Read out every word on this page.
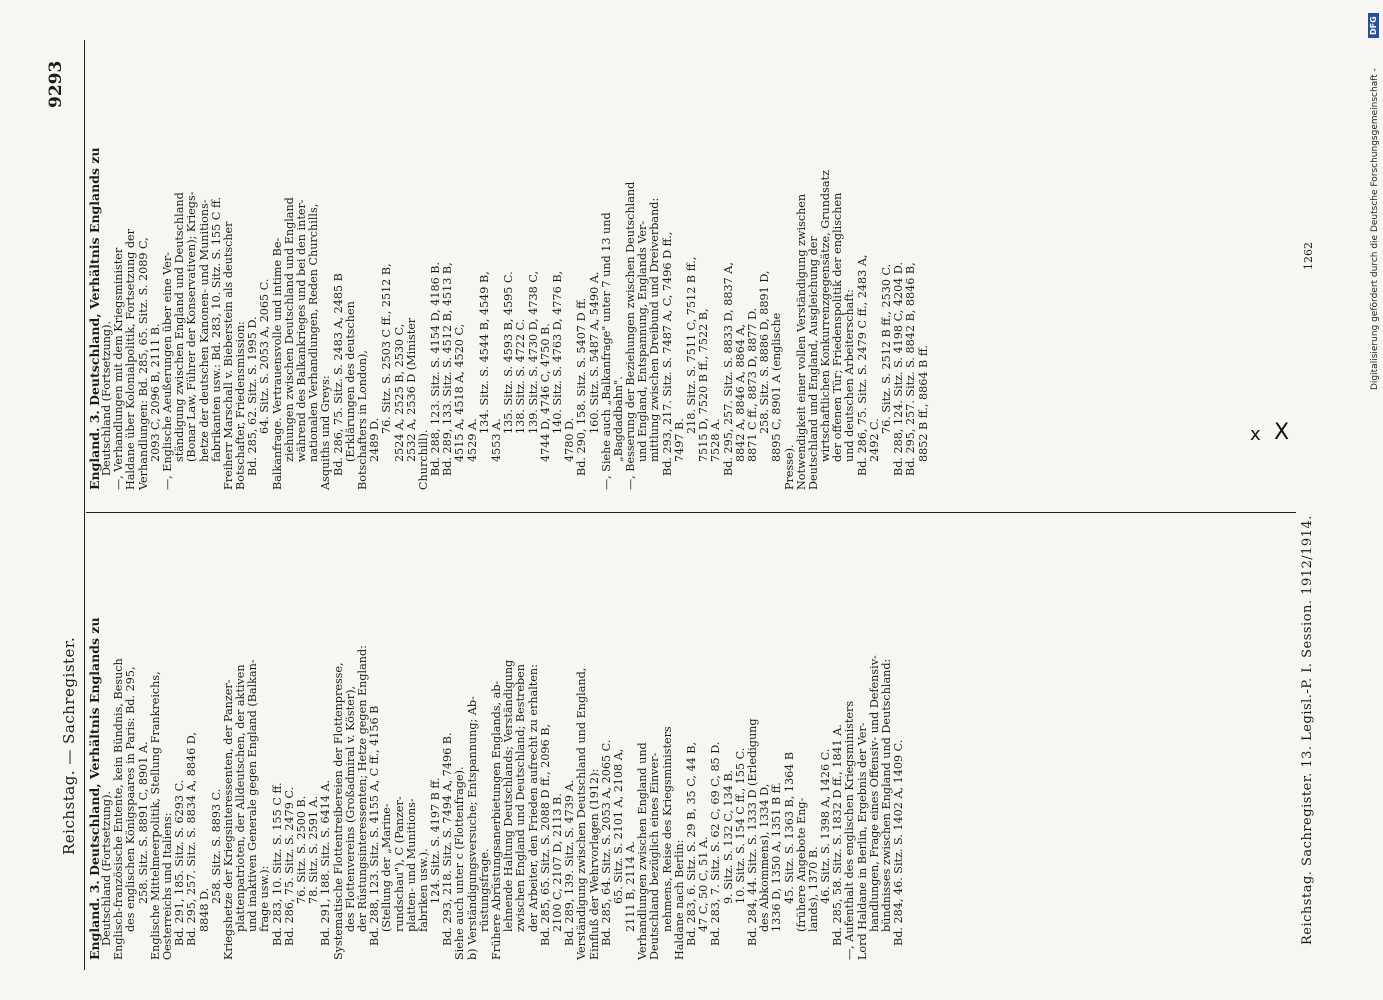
Reichstag. — Sachregister.
9293
England. 3. Deutschland, Verhältnis Englands zu
Deutschland (Fortsetzung). Englisch-französische Entente, kein Bündnis, Besuch des englischen Königspaares in Paris: Bd. 295, 258. Sitz. S. 8891 C, 8901 A. Englische Mittelmeerpolitik, Stellung Frankreichs, Oesterreichs und Italiens: Bd. 291, 185. Sitz. S. 6293 C. Bd. 295, 257. Sitz. S. 8834 A, 8846 D, 8848 D.
258. Sitz. S. 8893 C. Kriegshetze der Kriegsinteressenten, der Panzer- plattenpatrioten, der Alldeutschen, der aktiven und inaktiven Generale gegen England (Balkan- frage usw.): Bd. 283, 10. Sitz. S. 155 C ff. Bd. 286, 75. Sitz. S. 2479 C. 76. Sitz. S. 2500 B. 78. Sitz. S. 2591 A. Bd. 291, 188. Sitz. S. 6414 A. Systematische Flottentreibereien der Flottenpresse, des Flottenvereins (Großadmiral v. Köster), der Rüstungsinteressenten; Hetze gegen England: Bd. 288, 123. Sitz. S. 4155 A, C ff., 4156 B (Stellung der „Marine- rundschau"), C (Panzer- platten- und Munitions- fabriken usw.). 124. Sitz. S. 4197 B ff. Bd. 293, 218. Sitz. S. 7494 A, 7496 B. Siehe auch unter c (Flottenfrage). b) Verständigungsversuche; Entspannung; Ab- rüstungsfrage. Frühere Abrüstungsanerbietungen Englands, ab- lehnende Haltung Deutschlands; Verständigung zwischen England und Deutschland; Bestreben der Arbeiter, den Frieden aufrecht zu erhalten: Bd. 285, 65. Sitz. S. 2088 D ff., 2096 B, 2100 C, 2107 D, 2113 B. Bd. 289, 139. Sitz. S. 4739 A. Verständigung zwischen Deutschland und England, Einfluß der Wehrvorlagen (1912): Bd. 285, 64. Sitz. S. 2053 A, 2065 C. 65. Sitz. S. 2101 A, 2108 A, 2111 B, 2114 A. Verhandlungen zwischen England und Deutschland bezüglich eines Einver- nehmens, Reise des Kriegsministers Haldane nach Berlin: Bd. 283, 6. Sitz. S. 29 B, 35 C, 44 B, 47 C, 50 C, 51 A. Bd. 283, 7. Sitz. S. 62 C, 69 C, 85 D. 9. Sitz. S. 132 C, 134 B. 10. Sitz. S. 154 C ff., 155 C. Bd. 284, 44. Sitz. S. 1333 D (Erledigung des Abkommens), 1334 D, 1336 D, 1350 A, 1351 B ff. 45. Sitz. S. 1363 B, 1364 B (frühere Angebote Eng- lands), 1370 B. 46. Sitz. S. 1398 A, 1426 C. Bd. 285, 58. Sitz. S. 1832 D ff., 1841 A. —, Aufenthalt des englischen Kriegsministers Lord Haldane in Berlin, Ergebnis der Ver- handlungen, Frage eines Offensiv- und Defensiv- bündnisses zwischen England und Deutschland: Bd. 284, 46. Sitz. S. 1402 A, 1409 C.
England. 3. Deutschland, Verhältnis Englands zu
Deutschland (Fortsetzung). —, Verhandlungen mit dem Kriegsminister Haldane über Kolonialpolitik, Fortsetzung der Verhandlungen: Bd. 285, 65. Sitz. S. 2089 C, 2093 C, 2096 B, 2111 B. —, Englische Aeußerungen über eine Ver- ständigung zwischen England und Deutschland (Bonar Law, Führer der Konservativen); Kriegs- hetze der deutschen Kanonen- und Munitions- fabrikanten usw.: Bd. 283, 10. Sitz. S. 155 C ff. Freiherr Marschall v. Bieberstein als deutscher Botschafter, Friedensmission: Bd. 285, 62. Sitz. S. 1995 D. 64. Sitz. S. 2053 A, 2065 C. Balkanfrage. Vertrauensvolle und intime Be- ziehungen zwischen Deutschland und England während des Balkankrieges und bei den inter- nationalen Verhandlungen, Reden Churchills, Asquiths und Greys: Bd. 286, 75. Sitz. S. 2483 A, 2485 B (Erklärungen des deutschen Botschafters in London), 2489 D.
76. Sitz. S. 2503 C ff., 2512 B, 2524 A, 2525 B, 2530 C, 2532 A, 2536 D (Minister Churchill). Bd. 288, 123. Sitz. S. 4154 D, 4186 B. Bd. 289, 133. Sitz. S. 4512 B, 4513 B, 4515 A, 4518 A, 4520 C, 4529 A.
134. Sitz. S. 4544 B, 4549 B,
4553 A.
135. Sitz. S. 4593 B, 4595 C. 138. Sitz. S. 4722 C. 139. Sitz. S. 4730 D, 4738 C, 4744 D, 4746 C, 4750 B. 140. Sitz. S. 4763 D, 4776 B,
4780 D. Bd. 290, 158. Sitz. S. 5407 D ff. 160. Sitz. S. 5487 A, 5490 A. —, Siehe auch „Balkanfrage" unter 7 und 13 und „Bagdadbahn". —, Besserung der Beziehungen zwischen Deutschland und England, Entspannung, Englands Ver- mittlung zwischen Dreibund und Dreiverband: Bd. 293, 217. Sitz. S. 7487 A, C, 7496 D ff., 7497 B.
218. Sitz. S. 7511 C, 7512 B ff., 7515 D, 7520 B ff., 7522 B, 7528 A. Bd. 295, 257. Sitz. S. 8833 D, 8837 A, 8842 A, 8846 A, 8864 A, 8871 C ff., 8873 D, 8877 D. 258. Sitz. S. 8886 D, 8891 D, 8895 C, 8901 A (englische
Presse). Notwendigkeit einer vollen Verständigung zwischen Deutschland und England, Ausgleichung der wirtschaftlichen Konkurrenzgegensätze, Grundsatz der offenen Tür; Friedenspolitik der englischen und deutschen Arbeiterschaft: Bd. 286, 75. Sitz. S. 2479 C ff., 2483 A, 2492 C.
76. Sitz. S. 2512 B ff., 2530 C. Bd. 288, 124. Sitz. S. 4198 C, 4204 D. Bd. 295, 257. Sitz. S. 8842 B, 8846 B, 8852 B ff., 8864 B ff.
Reichstag. Sachregister. 13. Legisl.-P. I. Session. 1912/1914.
1262
x X
Digitalisierung gefördert durch die Deutsche Forschungsgemeinschaft -
DFG
